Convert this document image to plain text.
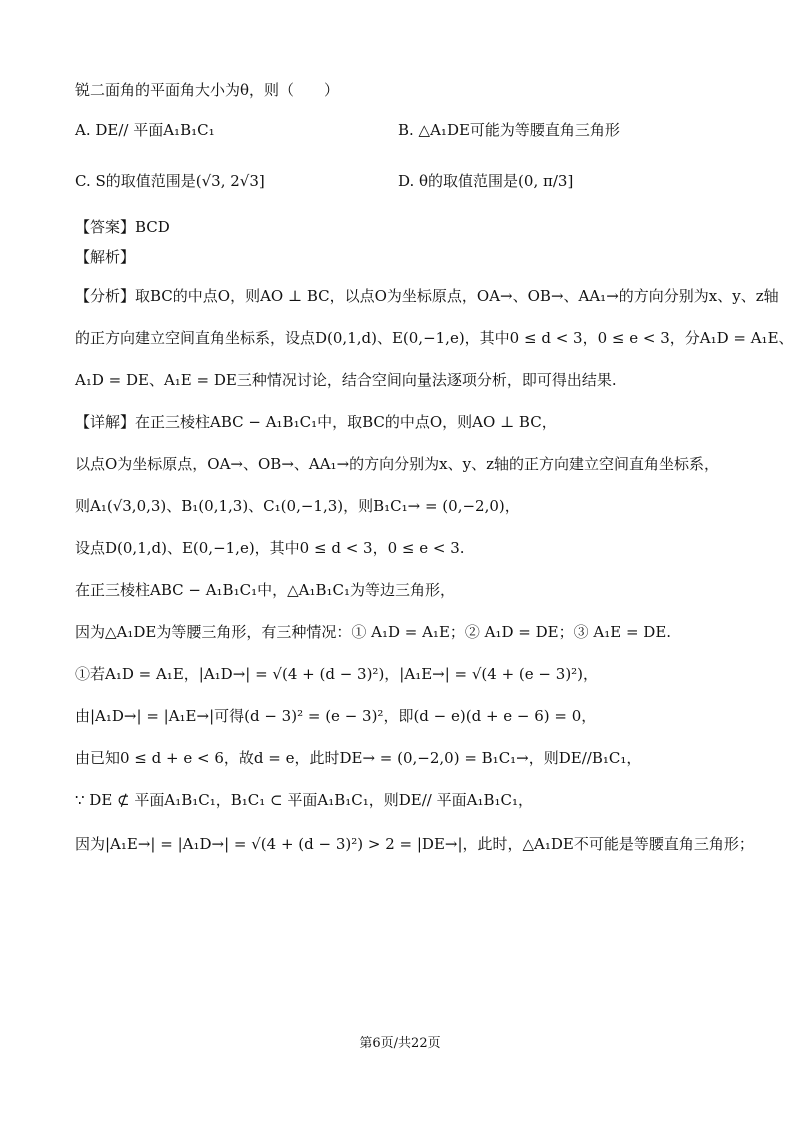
锐二面角的平面角大小为θ，则（　　）
A. DE// 平面A₁B₁C₁	B. △A₁DE可能为等腰直角三角形
C. S的取值范围是(√3, 2√3]	D. θ的取值范围是(0, π/3]
【答案】BCD
【解析】
【分析】取BC的中点O，则AO ⊥ BC，以点O为坐标原点，OA→、OB→、AA₁→的方向分别为x、y、z轴
的正方向建立空间直角坐标系，设点D(0,1,d)、E(0,−1,e)，其中0 ≤ d < 3，0 ≤ e < 3，分A₁D = A₁E、
A₁D = DE、A₁E = DE三种情况讨论，结合空间向量法逐项分析，即可得出结果.
【详解】在正三棱柱ABC − A₁B₁C₁中，取BC的中点O，则AO ⊥ BC，
以点O为坐标原点，OA→、OB→、AA₁→的方向分别为x、y、z轴的正方向建立空间直角坐标系，
则A₁(√3,0,3)、B₁(0,1,3)、C₁(0,−1,3)，则B₁C₁→ = (0,−2,0)，
设点D(0,1,d)、E(0,−1,e)，其中0 ≤ d < 3，0 ≤ e < 3.
在正三棱柱ABC − A₁B₁C₁中，△A₁B₁C₁为等边三角形，
因为△A₁DE为等腰三角形，有三种情况：① A₁D = A₁E；② A₁D = DE；③ A₁E = DE.
①若A₁D = A₁E，|A₁D→| = √(4 + (d − 3)²)，|A₁E→| = √(4 + (e − 3)²)，
由|A₁D→| = |A₁E→|可得(d − 3)² = (e − 3)²，即(d − e)(d + e − 6) = 0，
由已知0 ≤ d + e < 6，故d = e，此时DE→ = (0,−2,0) = B₁C₁→，则DE//B₁C₁，
∵ DE ⊄ 平面A₁B₁C₁，B₁C₁ ⊂ 平面A₁B₁C₁，则DE// 平面A₁B₁C₁，
因为|A₁E→| = |A₁D→| = √(4 + (d − 3)²) > 2 = |DE→|，此时，△A₁DE不可能是等腰直角三角形；
第6页/共22页
